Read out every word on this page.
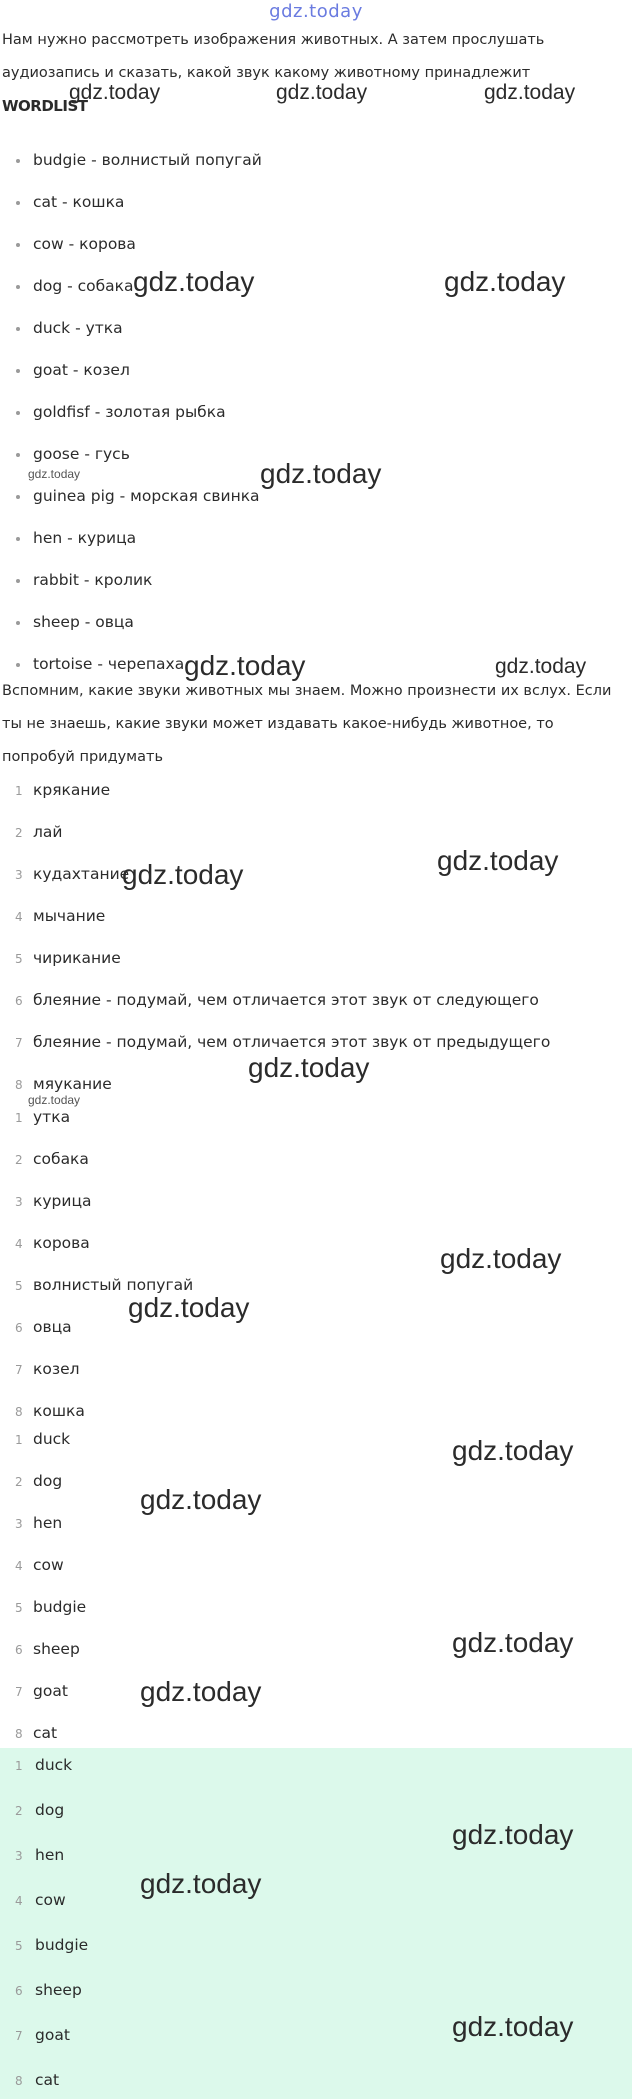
gdz.today
Нам нужно рассмотреть изображения животных. А затем прослушать аудиозапись и сказать, какой звук какому животному принадлежит
WORDLIST
budgie - волнистый попугай
cat - кошка
cow - корова
dog - собака
duck - утка
goat - козел
goldfisf - золотая рыбка
goose - гусь
guinea pig - морская свинка
hen - курица
rabbit - кролик
sheep - овца
tortoise - черепаха
Вспомним, какие звуки животных мы знаем. Можно произнести их вслух. Если ты не знаешь, какие звуки может издавать какое-нибудь животное, то попробуй придумать
1 крякание
2 лай
3 кудахтание
4 мычание
5 чирикание
6 блеяние - подумай, чем отличается этот звук от следующего
7 блеяние - подумай, чем отличается этот звук от предыдущего
8 мяукание
1 утка
2 собака
3 курица
4 корова
5 волнистый попугай
6 овца
7 козел
8 кошка
1 duck
2 dog
3 hen
4 cow
5 budgie
6 sheep
7 goat
8 cat
1 duck
2 dog
3 hen
4 cow
5 budgie
6 sheep
7 goat
8 cat
gdz.today	gdz.today	gdz.today
gdz.today	gdz.today
gdz.today	gdz.today
gdz.today	gdz.today
gdz.today
gdz.today
gdz.today
gdz.today
gdz.today
gdz.today
gdz.today
gdz.today
gdz.today
gdz.today
gdz.today
gdz.today
gdz.today
